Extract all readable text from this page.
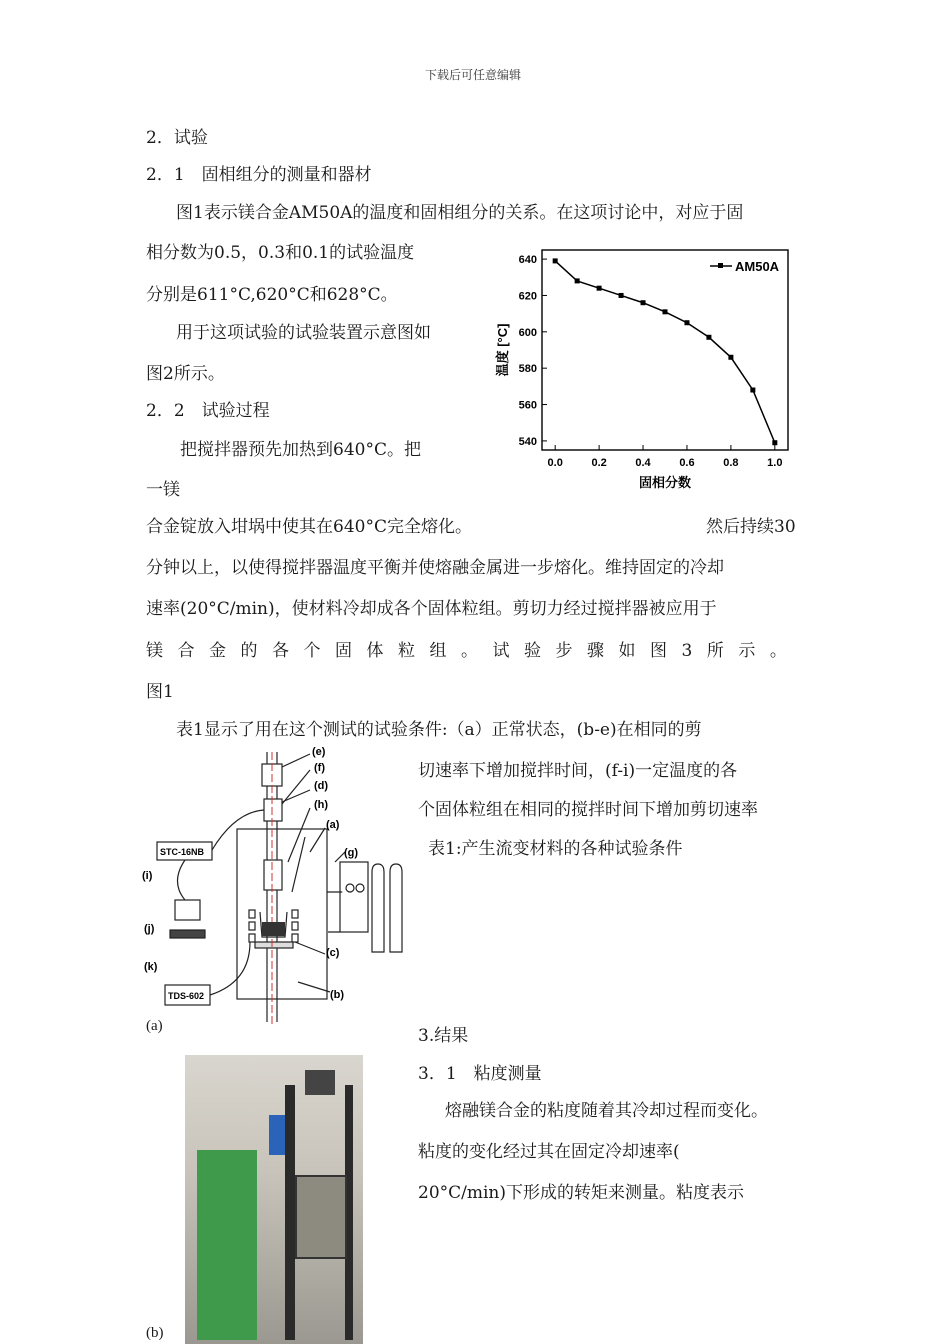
下载后可任意编辑
2．试验
2．1　固相组分的测量和器材
图1表示镁合金AM50A的温度和固相组分的关系。在这项讨论中，对应于固
相分数为0.5，0.3和0.1的试验温度
分别是611°C,620°C和628°C。
用于这项试验的试验装置示意图如
图2所示。
2．2　试验过程
把搅拌器预先加热到640°C。把
一镁
合金锭放入坩埚中使其在640°C完全熔化。	然后持续30
分钟以上，以使得搅拌器温度平衡并使熔融金属进一步熔化。维持固定的冷却
速率(20°C/min)，使材料冷却成各个固体粒组。剪切力经过搅拌器被应用于
镁合金的各个固体粒组。试验步骤如图3所示。
图1
表1显示了用在这个测试的试验条件:（a）正常状态，(b-e)在相同的剪
切速率下增加搅拌时间，(f-i)一定温度的各
个固体粒组在相同的搅拌时间下增加剪切速率
表1:产生流变材料的各种试验条件
3.结果
3．1　粘度测量
熔融镁合金的粘度随着其冷却过程而变化。
粘度的变化经过其在固定冷却速率(
20°C/min)下形成的转矩来测量。粘度表示
540
560
580
600
620
640
0.0	0.2	0.4	0.6	0.8	1.0
AM50A
固相分数
温度 [°C]
(e)
(f)
(d)
(h)
(a)
(g)
(c)
(b)
(i)
(j)
(k)
STC-16NB
TDS-602
(a)
(b)
